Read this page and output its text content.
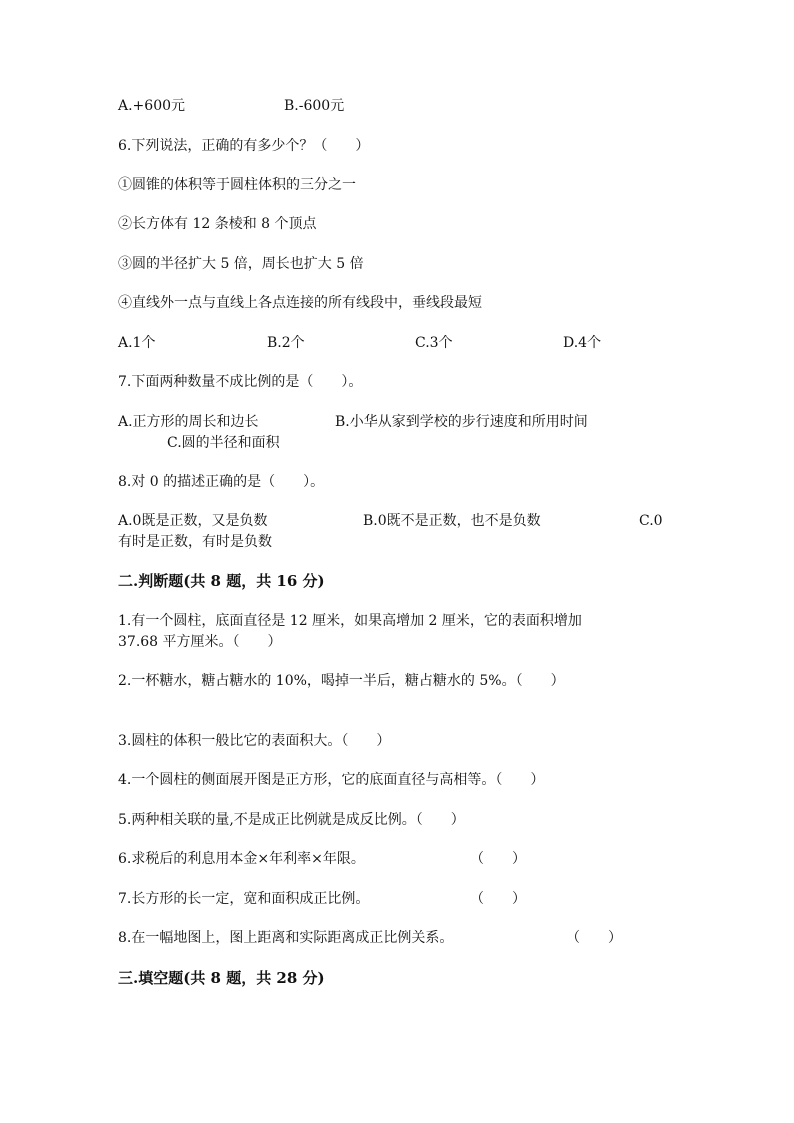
A.+600元	B.-600元
6.下列说法，正确的有多少个？（　　）
①圆锥的体积等于圆柱体积的三分之一
②长方体有 12 条棱和 8 个顶点
③圆的半径扩大 5 倍，周长也扩大 5 倍
④直线外一点与直线上各点连接的所有线段中，垂线段最短
A.1个	B.2个	C.3个	D.4个
7.下面两种数量不成比例的是（　　）。
A.正方形的周长和边长	B.小华从家到学校的步行速度和所用时间
C.圆的半径和面积
8.对 0 的描述正确的是（　　）。
A.0既是正数，又是负数	B.0既不是正数，也不是负数	C.0
有时是正数，有时是负数
二.判断题(共 8 题，共 16 分)
1.有一个圆柱，底面直径是 12 厘米，如果高增加 2 厘米，它的表面积增加
37.68 平方厘米。（　　）
2.一杯糖水，糖占糖水的 10%，喝掉一半后，糖占糖水的 5%。（　　）
3.圆柱的体积一般比它的表面积大。（　　）
4.一个圆柱的侧面展开图是正方形，它的底面直径与高相等。（　　）
5.两种相关联的量,不是成正比例就是成反比例。（　　）
6.求税后的利息用本金×年利率×年限。	（　　）
7.长方形的长一定，宽和面积成正比例。	（　　）
8.在一幅地图上，图上距离和实际距离成正比例关系。	（　　）
三.填空题(共 8 题，共 28 分)
